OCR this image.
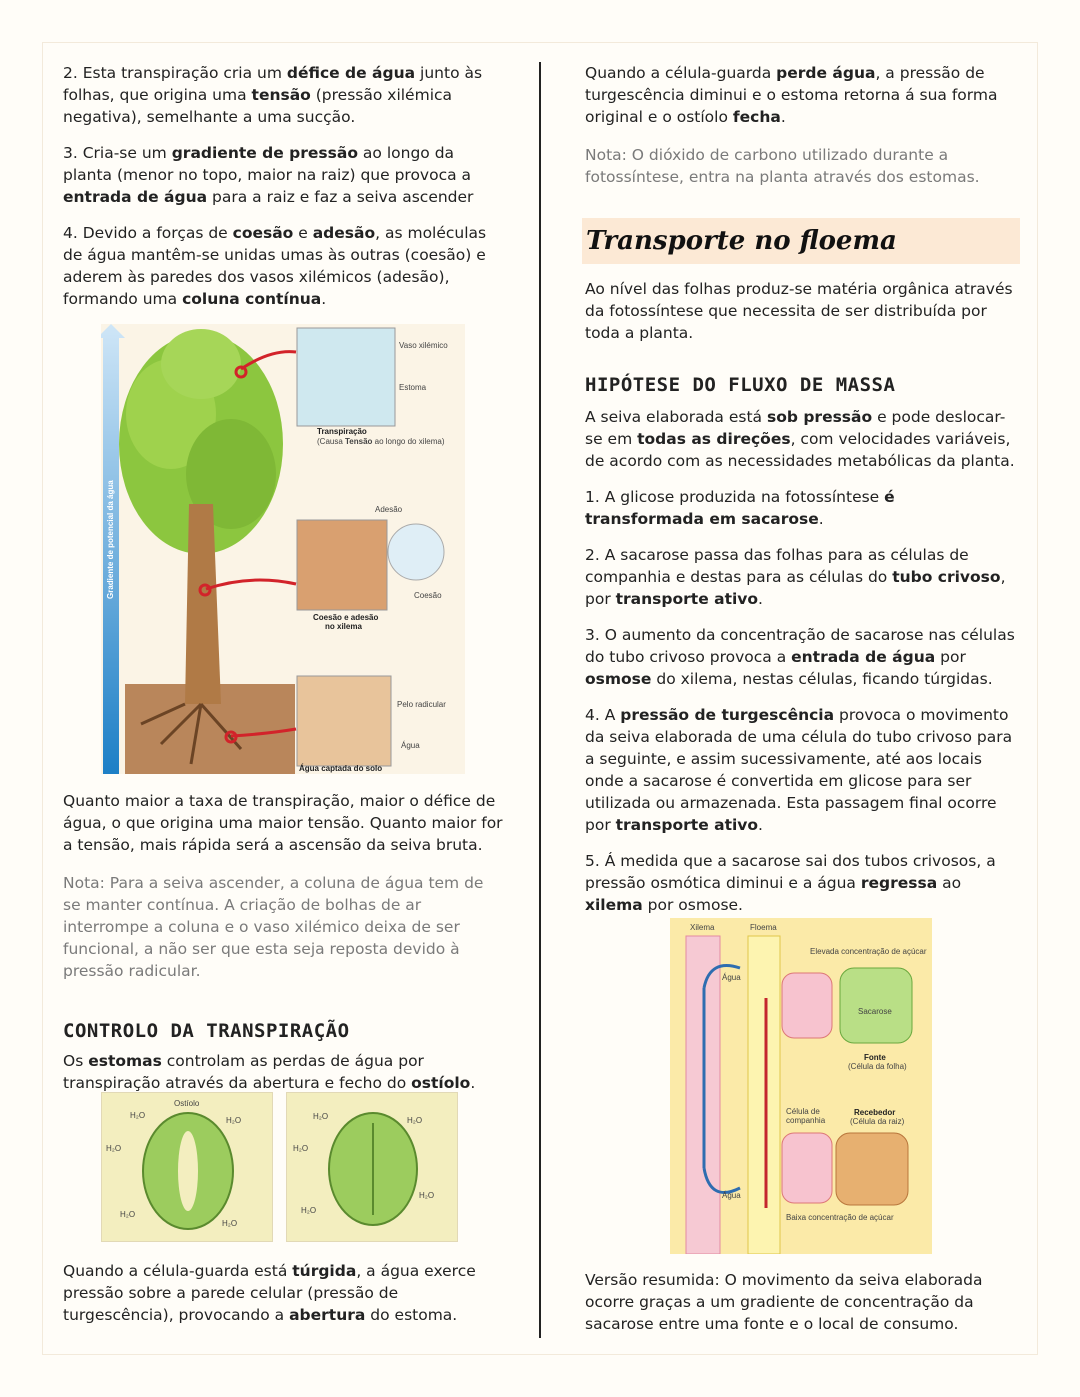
2. Esta transpiração cria um défice de água junto às folhas, que origina uma tensão (pressão xilémica negativa), semelhante a uma sucção.

3. Cria-se um gradiente de pressão ao longo da planta (menor no topo, maior na raiz) que provoca a entrada de água para a raiz e faz a seiva ascender

4. Devido a forças de coesão e adesão, as moléculas de água mantêm-se unidas umas às outras (coesão) e aderem às paredes dos vasos xilémicos (adesão), formando uma coluna contínua.

Gradiente de potencial da água
Vaso xilémico
Estoma
Transpiração
(Causa Tensão ao longo do xilema)
Adesão
Coesão
Coesão e adesão
no xilema
Pelo radicular
Água
Água captada do solo

Quanto maior a taxa de transpiração, maior o défice de água, o que origina uma maior tensão. Quanto maior for a tensão, mais rápida será a ascensão da seiva bruta.

Nota: Para a seiva ascender, a coluna de água tem de se manter contínua. A criação de bolhas de ar interrompe a coluna e o vaso xilémico deixa de ser funcional, a não ser que esta seja reposta devido à pressão radicular.

CONTROLO DA TRANSPIRAÇÃO

Os estomas controlam as perdas de água por transpiração através da abertura e fecho do ostíolo.

Ostíolo
H₂O
H₂O
H₂O
H₂O
H₂O
H₂O	H₂O
H₂O
H₂O
H₂O

Quando a célula-guarda está túrgida, a água exerce pressão sobre a parede celular (pressão de turgescência), provocando a abertura do estoma.

Quando a célula-guarda perde água, a pressão de turgescência diminui e o estoma retorna á sua forma original e o ostíolo fecha.

Nota: O dióxido de carbono utilizado durante a fotossíntese, entra na planta através dos estomas.

Transporte no floema

Ao nível das folhas produz-se matéria orgânica através da fotossíntese que necessita de ser distribuída por toda a planta.

HIPÓTESE DO FLUXO DE MASSA

A seiva elaborada está sob pressão e pode deslocar-se em todas as direções, com velocidades variáveis, de acordo com as necessidades metabólicas da planta.

1. A glicose produzida na fotossíntese é transformada em sacarose.

2. A sacarose passa das folhas para as células de companhia e destas para as células do tubo crivoso, por transporte ativo.

3. O aumento da concentração de sacarose nas células do tubo crivoso provoca a entrada de água por osmose do xilema, nestas células, ficando túrgidas.

4. A pressão de turgescência provoca o movimento da seiva elaborada de uma célula do tubo crivoso para a seguinte, e assim sucessivamente, até aos locais onde a sacarose é convertida em glicose para ser utilizada ou armazenada. Esta passagem final ocorre por transporte ativo.

5. Á medida que a sacarose sai dos tubos crivosos, a pressão osmótica diminui e a água regressa ao xilema por osmose.

Xilema	Floema
Elevada concentração de açúcar
Água
Sacarose
Fonte
(Célula da folha)
Célula de
companhia
Recebedor
(Célula da raiz)
Água
Baixa concentração de açúcar

Versão resumida: O movimento da seiva elaborada ocorre graças a um gradiente de concentração da sacarose entre uma fonte e o local de consumo.
